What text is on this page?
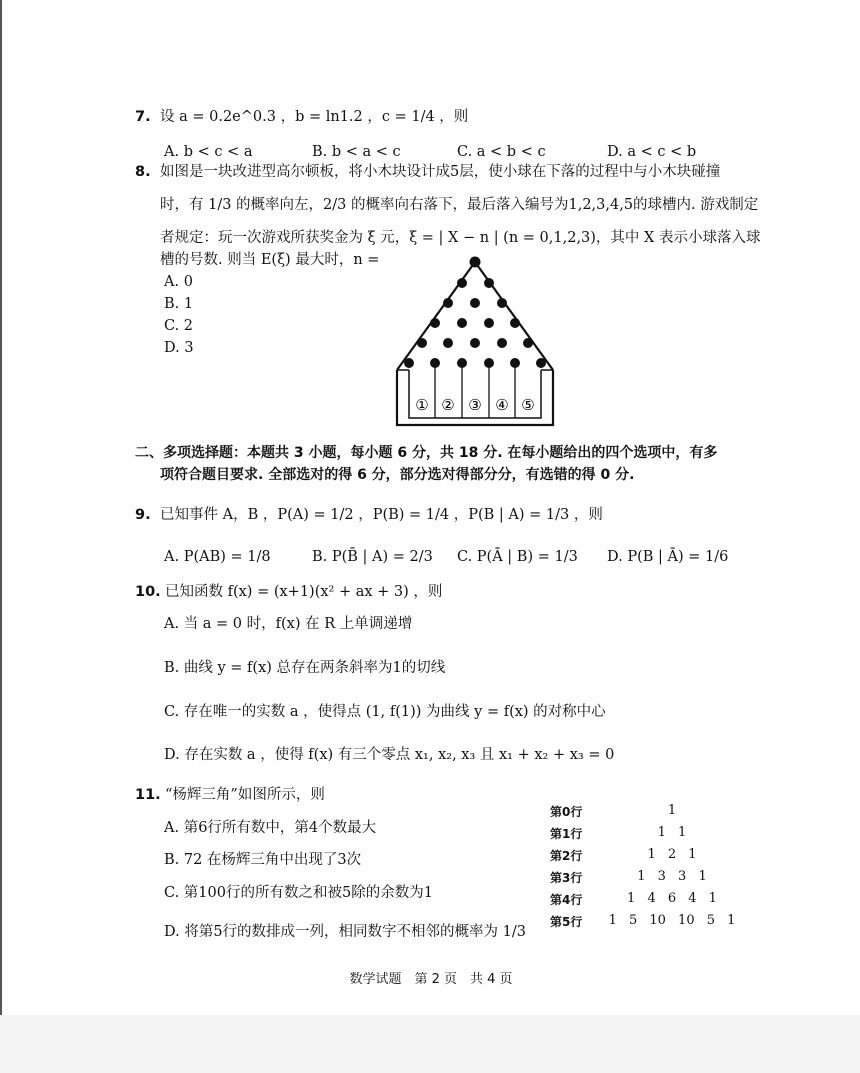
7. 设 a = 0.2e^0.3 ，b = ln1.2 ，c = 1/4 ，则
A. b < c < a	B. b < a < c	C. a < b < c	D. a < c < b
8. 如图是一块改进型高尔顿板，将小木块设计成5层，使小球在下落的过程中与小木块碰撞
时，有 1/3 的概率向左，2/3 的概率向右落下，最后落入编号为1,2,3,4,5的球槽内. 游戏制定
者规定：玩一次游戏所获奖金为 ξ 元，ξ = | X − n | (n = 0,1,2,3)，其中 X 表示小球落入球
槽的号数. 则当 E(ξ) 最大时，n =
A. 0
B. 1
C. 2
D. 3
① ② ③ ④ ⑤
二、多项选择题：本题共 3 小题，每小题 6 分，共 18 分. 在每小题给出的四个选项中，有多
项符合题目要求. 全部选对的得 6 分，部分选对得部分分，有选错的得 0 分.
9. 已知事件 A，B ，P(A) = 1/2 ，P(B) = 1/4 ，P(B | A) = 1/3 ，则
A. P(AB) = 1/8	B. P(B̄ | A) = 2/3 C. P(Ā | B) = 1/3 D. P(B | Ā) = 1/6
10. 已知函数 f(x) = (x+1)(x² + ax + 3) ，则
A. 当 a = 0 时，f(x) 在 R 上单调递增
B. 曲线 y = f(x) 总存在两条斜率为1的切线
C. 存在唯一的实数 a ，使得点 (1, f(1)) 为曲线 y = f(x) 的对称中心
D. 存在实数 a ，使得 f(x) 有三个零点 x₁, x₂, x₃ 且 x₁ + x₂ + x₃ = 0
11. “杨辉三角”如图所示，则
A. 第6行所有数中，第4个数最大
B. 72 在杨辉三角中出现了3次
C. 第100行的所有数之和被5除的余数为1
D. 将第5行的数排成一列，相同数字不相邻的概率为 1/3
第0行	1
第1行	1 1
第2行	1 2 1
第3行	1 3 3 1
第4行	1 4 6 4 1
第5行	1 5 10 10 5 1
数学试题　第 2 页　共 4 页
